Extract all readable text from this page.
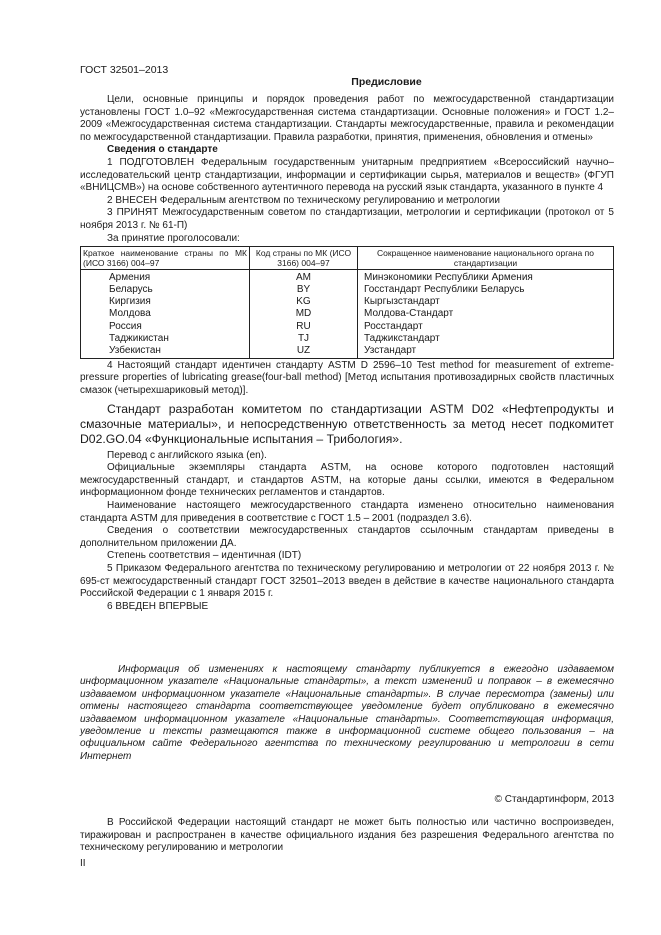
ГОСТ 32501–2013
Предисловие

Цели, основные принципы и порядок проведения работ по межгосударственной стандартизации установлены ГОСТ 1.0–92 «Межгосударственная система стандартизации. Основные положения» и ГОСТ 1.2–2009 «Межгосударственная система стандартизации. Стандарты межгосударственные, правила и рекомендации по межгосударственной стандартизации. Правила разработки, принятия, применения, обновления и отмены»

Сведения о стандарте

1 ПОДГОТОВЛЕН Федеральным государственным унитарным предприятием «Всероссийский научно–исследовательский центр стандартизации, информации и сертификации сырья, материалов и веществ» (ФГУП «ВНИЦСМВ») на основе собственного аутентичного перевода на русский язык стандарта, указанного в пункте 4

2 ВНЕСЕН Федеральным агентством по техническому регулированию и метрологии

3 ПРИНЯТ Межгосударственным советом по стандартизации, метрологии и сертификации (протокол от 5 ноября 2013 г. № 61-П)

За принятие проголосовали:

Краткое наименование страны по МК (ИСО 3166) 004–97	Код страны по МК (ИСО 3166) 004–97	Сокращенное наименование национального органа по стандартизации
Армения	AM	Минэкономики Республики Армения
Беларусь	BY	Госстандарт Республики Беларусь
Киргизия	KG	Кыргызстандарт
Молдова	MD	Молдова-Стандарт
Россия	RU	Росстандарт
Таджикистан	TJ	Таджикстандарт
Узбекистан	UZ	Узстандарт

4 Настоящий стандарт идентичен стандарту ASTM D 2596–10 Test method for measurement of extreme-pressure properties of lubricating grease(four-ball method) [Метод испытания противозадирных свойств пластичных смазок (четырехшариковый метод)].

Стандарт разработан комитетом по стандартизации ASTM D02 «Нефтепродукты и смазочные материалы», и непосредственную ответственность за метод несет подкомитет D02.GO.04 «Функциональные испытания – Трибология».

Перевод с английского языка (en).

Официальные экземпляры стандарта ASTM, на основе которого подготовлен настоящий межгосударственный стандарт, и стандартов ASTM, на которые даны ссылки, имеются в Федеральном информационном фонде технических регламентов и стандартов.

Наименование настоящего межгосударственного стандарта изменено относительно наименования стандарта ASTM для приведения в соответствие с ГОСТ 1.5 – 2001 (подраздел 3.6).

Сведения о соответствии межгосударственных стандартов ссылочным стандартам приведены в дополнительном приложении ДА.

Степень соответствия – идентичная (IDT)

5 Приказом Федерального агентства по техническому регулированию и метрологии от 22 ноября 2013 г. № 695-ст межгосударственный стандарт ГОСТ 32501–2013 введен в действие в качестве национального стандарта Российской Федерации с 1 января 2015 г.

6 ВВЕДЕН ВПЕРВЫЕ

Информация об изменениях к настоящему стандарту публикуется в ежегодно издаваемом информационном указателе «Национальные стандарты», а текст изменений и поправок – в ежемесячно издаваемом информационном указателе «Национальные стандарты». В случае пересмотра (замены) или отмены настоящего стандарта соответствующее уведомление будет опубликовано в ежемесячно издаваемом информационном указателе «Национальные стандарты». Соответствующая информация, уведомление и тексты размещаются также в информационной системе общего пользования – на официальном сайте Федерального агентства по техническому регулированию и метрологии в сети Интернет

© Стандартинформ, 2013

В Российской Федерации настоящий стандарт не может быть полностью или частично воспроизведен, тиражирован и распространен в качестве официального издания без разрешения Федерального агентства по техническому регулированию и метрологии

II
